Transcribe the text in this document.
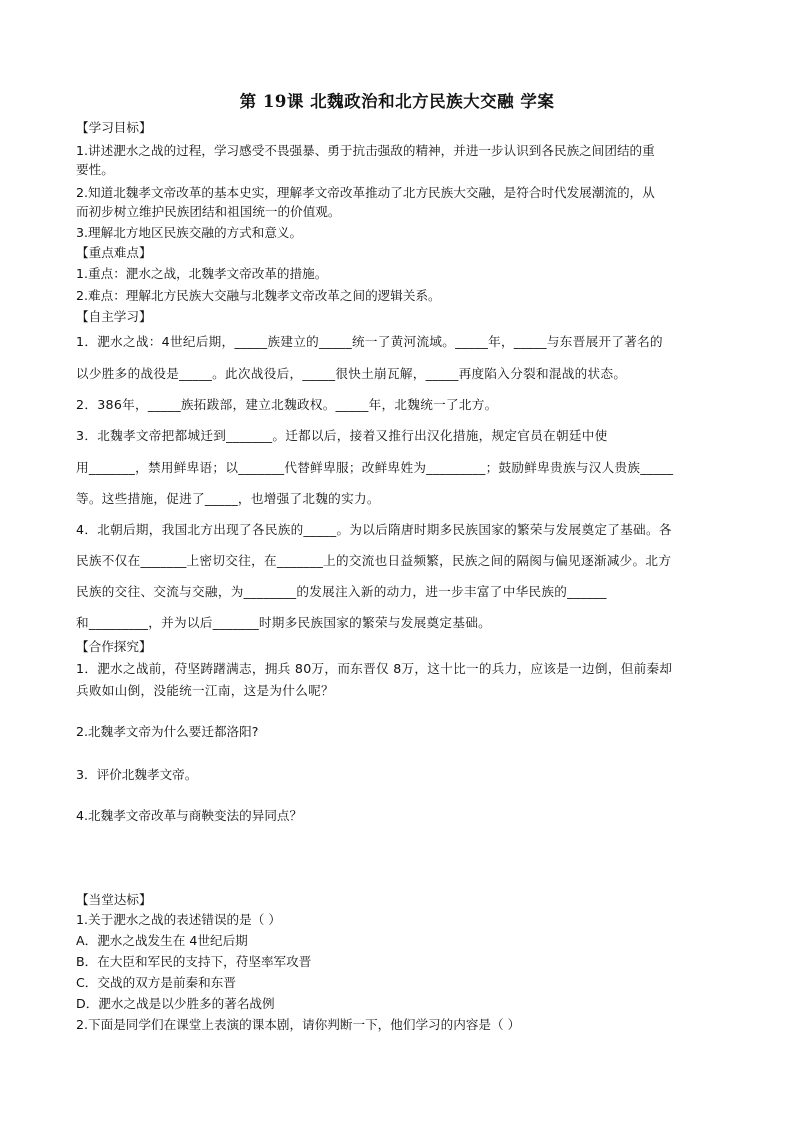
第 19课 北魏政治和北方民族大交融 学案
【学习目标】
1.讲述淝水之战的过程，学习感受不畏强暴、勇于抗击强敌的精神，并进一步认识到各民族之间团结的重
要性。
2.知道北魏孝文帝改革的基本史实，理解孝文帝改革推动了北方民族大交融，是符合时代发展潮流的，从
而初步树立维护民族团结和祖国统一的价值观。
3.理解北方地区民族交融的方式和意义。
【重点难点】
1.重点：淝水之战，北魏孝文帝改革的措施。
2.难点：理解北方民族大交融与北魏孝文帝改革之间的逻辑关系。
【自主学习】
1．淝水之战：4世纪后期，_____族建立的_____统一了黄河流域。_____年，_____与东晋展开了著名的
以少胜多的战役是_____。此次战役后，_____很快土崩瓦解，_____再度陷入分裂和混战的状态。
2．386年，_____族拓跋部，建立北魏政权。_____年，北魏统一了北方。
3．北魏孝文帝把都城迁到_______。迁都以后，接着又推行出汉化措施，规定官员在朝廷中使
用_______，禁用鲜卑语；以_______代替鲜卑服；改鲜卑姓为_________；鼓励鲜卑贵族与汉人贵族_____
等。这些措施，促进了_____，也增强了北魏的实力。
4．北朝后期，我国北方出现了各民族的_____。为以后隋唐时期多民族国家的繁荣与发展奠定了基础。各
民族不仅在_______上密切交往，在_______上的交流也日益频繁，民族之间的隔阂与偏见逐渐减少。北方
民族的交往、交流与交融，为________的发展注入新的动力，进一步丰富了中华民族的______
和_________，并为以后_______时期多民族国家的繁荣与发展奠定基础。
【合作探究】
1．淝水之战前，苻坚踌躇满志，拥兵 80万，而东晋仅 8万，这十比一的兵力，应该是一边倒，但前秦却
兵败如山倒，没能统一江南，这是为什么呢？
2.北魏孝文帝为什么要迁都洛阳?
3．评价北魏孝文帝。
4.北魏孝文帝改革与商鞅变法的异同点？
【当堂达标】
1.关于淝水之战的表述错误的是（ ）
A．淝水之战发生在 4世纪后期
B．在大臣和军民的支持下，苻坚率军攻晋
C．交战的双方是前秦和东晋
D．淝水之战是以少胜多的著名战例
2.下面是同学们在课堂上表演的课本剧，请你判断一下，他们学习的内容是（ ）
